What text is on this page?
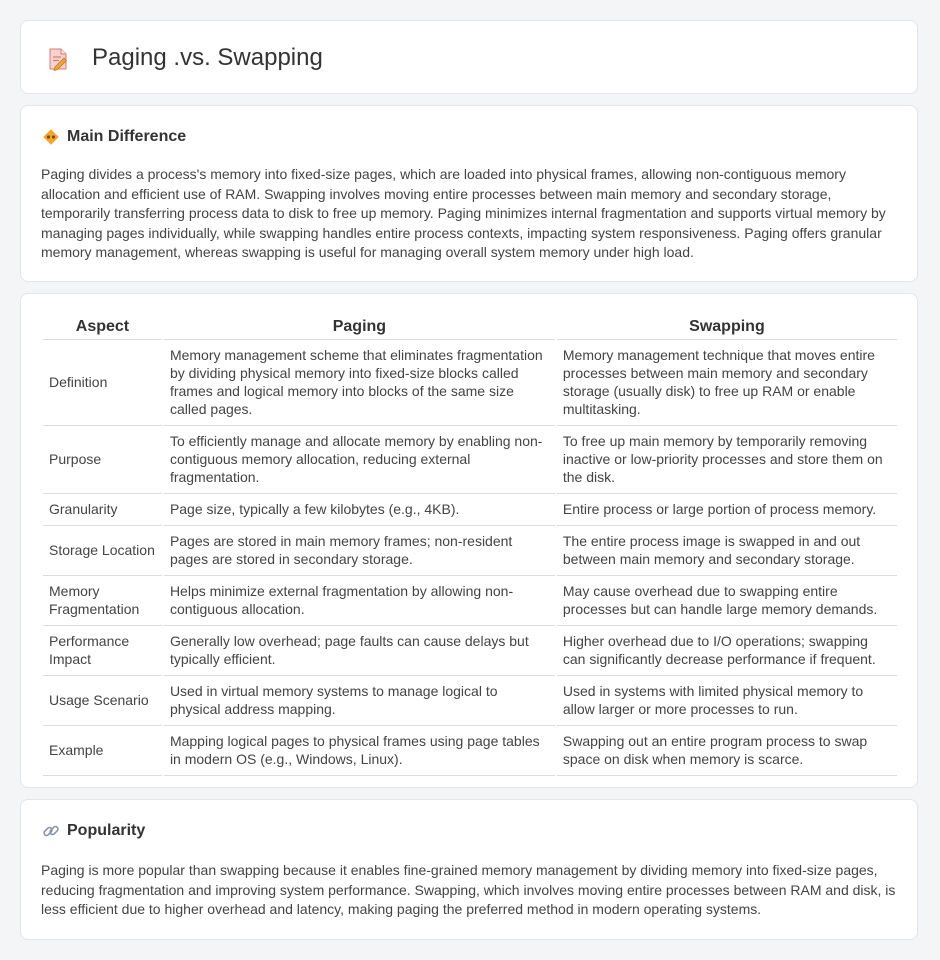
Paging .vs. Swapping
Main Difference

Paging divides a process's memory into fixed-size pages, which are loaded into physical frames, allowing non-contiguous memory allocation and efficient use of RAM. Swapping involves moving entire processes between main memory and secondary storage, temporarily transferring process data to disk to free up memory. Paging minimizes internal fragmentation and supports virtual memory by managing pages individually, while swapping handles entire process contexts, impacting system responsiveness. Paging offers granular memory management, whereas swapping is useful for managing overall system memory under high load.

Aspect	Paging	Swapping
Definition	Memory management scheme that eliminates fragmentation by dividing physical memory into fixed-size blocks called frames and logical memory into blocks of the same size called pages.	Memory management technique that moves entire processes between main memory and secondary storage (usually disk) to free up RAM or enable multitasking.
Purpose	To efficiently manage and allocate memory by enabling non-contiguous memory allocation, reducing external fragmentation.	To free up main memory by temporarily removing inactive or low-priority processes and store them on the disk.
Granularity	Page size, typically a few kilobytes (e.g., 4KB).	Entire process or large portion of process memory.
Storage Location	Pages are stored in main memory frames; non-resident pages are stored in secondary storage.	The entire process image is swapped in and out between main memory and secondary storage.
Memory Fragmentation	Helps minimize external fragmentation by allowing non-contiguous allocation.	May cause overhead due to swapping entire processes but can handle large memory demands.
Performance Impact	Generally low overhead; page faults can cause delays but typically efficient.	Higher overhead due to I/O operations; swapping can significantly decrease performance if frequent.
Usage Scenario	Used in virtual memory systems to manage logical to physical address mapping.	Used in systems with limited physical memory to allow larger or more processes to run.
Example	Mapping logical pages to physical frames using page tables in modern OS (e.g., Windows, Linux).	Swapping out an entire program process to swap space on disk when memory is scarce.
Popularity

Paging is more popular than swapping because it enables fine-grained memory management by dividing memory into fixed-size pages, reducing fragmentation and improving system performance. Swapping, which involves moving entire processes between RAM and disk, is less efficient due to higher overhead and latency, making paging the preferred method in modern operating systems.
